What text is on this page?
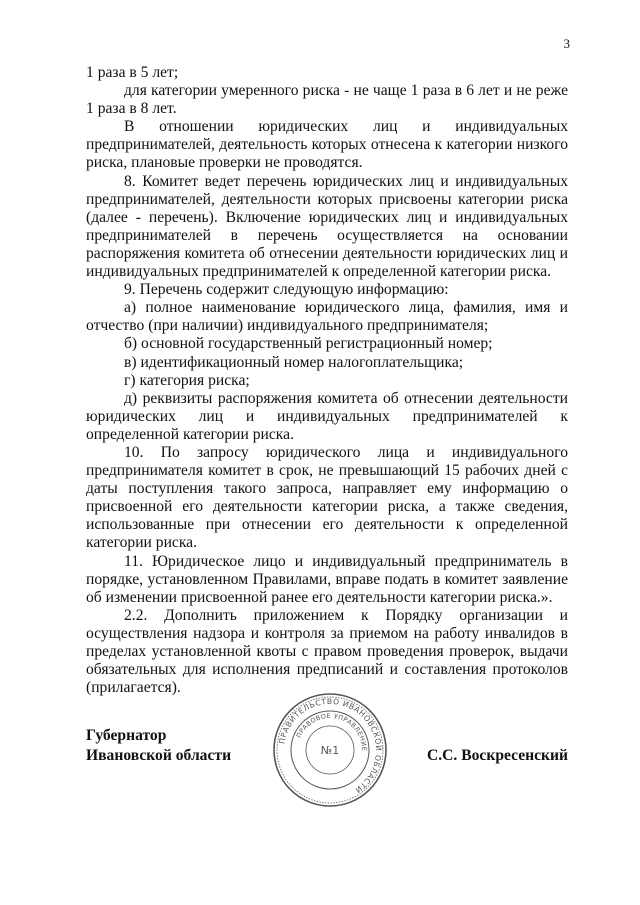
3

1 раза в 5 лет;

для категории умеренного риска - не чаще 1 раза в 6 лет и не реже 1 раза в 8 лет.

В отношении юридических лиц и индивидуальных предпринимателей, деятельность которых отнесена к категории низкого риска, плановые проверки не проводятся.

8. Комитет ведет перечень юридических лиц и индивидуальных предпринимателей, деятельности которых присвоены категории риска (далее - перечень). Включение юридических лиц и индивидуальных предпринимателей в перечень осуществляется на основании распоряжения комитета об отнесении деятельности юридических лиц и индивидуальных предпринимателей к определенной категории риска.

9. Перечень содержит следующую информацию:

а) полное наименование юридического лица, фамилия, имя и отчество (при наличии) индивидуального предпринимателя;

б) основной государственный регистрационный номер;

в) идентификационный номер налогоплательщика;

г) категория риска;

д) реквизиты распоряжения комитета об отнесении деятельности юридических лиц и индивидуальных предпринимателей к определенной категории риска.

10. По запросу юридического лица и индивидуального предпринимателя комитет в срок, не превышающий 15 рабочих дней с даты поступления такого запроса, направляет ему информацию о присвоенной его деятельности категории риска, а также сведения, использованные при отнесении его деятельности к определенной категории риска.

11. Юридическое лицо и индивидуальный предприниматель в порядке, установленном Правилами, вправе подать в комитет заявление об изменении присвоенной ранее его деятельности категории риска.».

2.2. Дополнить приложением к Порядку организации и осуществления надзора и контроля за приемом на работу инвалидов в пределах установленной квоты с правом проведения проверок, выдачи обязательных для исполнения предписаний и составления протоколов (прилагается).

Губернатор
Ивановской области
ПРАВИТЕЛЬСТВО ИВАНОВСКОЙ ОБЛАСТИ
ПРАВОВОЕ УПРАВЛЕНИЕ
№1	С.С. Воскресенский
